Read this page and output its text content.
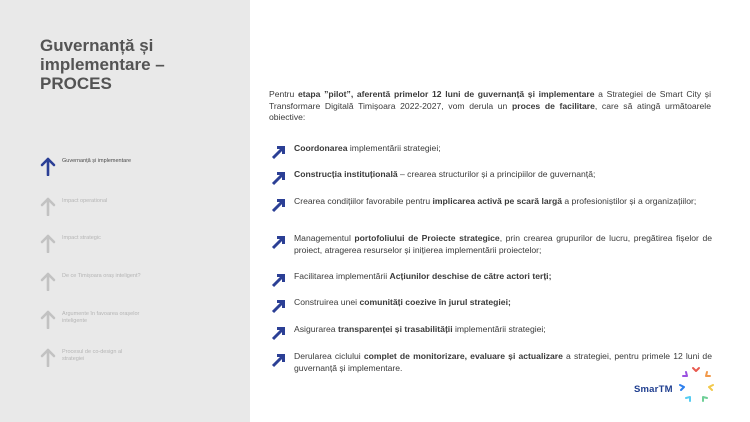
Guvernanță și implementare – PROCES
Guvernanță și implementare
Impact operational
Impact strategic
De ce Timișoara oraș inteligent?
Argumente în favoarea orașelor inteligente
Procesul de co-design al strategiei
Pentru etapa ”pilot”, aferentă primelor 12 luni de guvernanță și implementare a Strategiei de Smart City și Transformare Digitală Timișoara 2022-2027, vom derula un proces de facilitare, care să atingă următoarele obiective:
Coordonarea implementării strategiei;
Construcția instituțională – crearea structurilor și a principiilor de guvernanță;
Crearea condițiilor favorabile pentru implicarea activă pe scară largă a profesioniștilor și a organizațiilor;
Managementul portofoliului de Proiecte strategice, prin crearea grupurilor de lucru, pregătirea fișelor de proiect, atragerea resurselor și inițierea implementării proiectelor;
Facilitarea implementării Acțiunilor deschise de către actori terți;
Construirea unei comunități coezive în jurul strategiei;
Asigurarea transparenței și trasabilității implementării strategiei;
Derularea ciclului complet de monitorizare, evaluare și actualizare a strategiei, pentru primele 12 luni de guvernanță și implementare.
SmarTM
